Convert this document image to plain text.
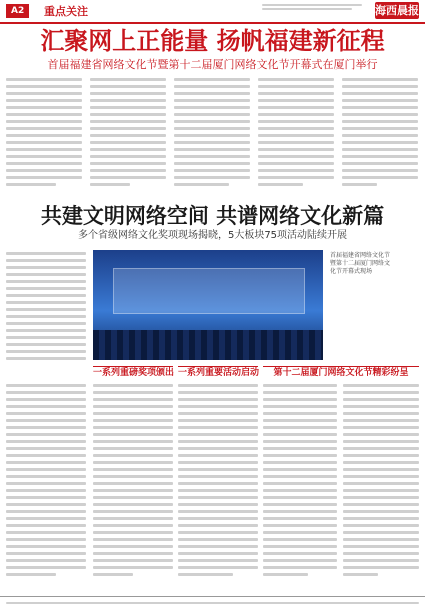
A2	重点关注	海西晨报
汇聚网上正能量 扬帆福建新征程
首届福建省网络文化节暨第十二届厦门网络文化节开幕式在厦门举行
共建文明网络空间 共谱网络文化新篇
多个省级网络文化奖项现场揭晓，5大板块75项活动陆续开展
首届福建省网络文化节暨第十二届厦门网络文化节开幕式现场
一系列重磅奖项颁出 一系列重要活动启动	第十二届厦门网络文化节精彩纷呈
